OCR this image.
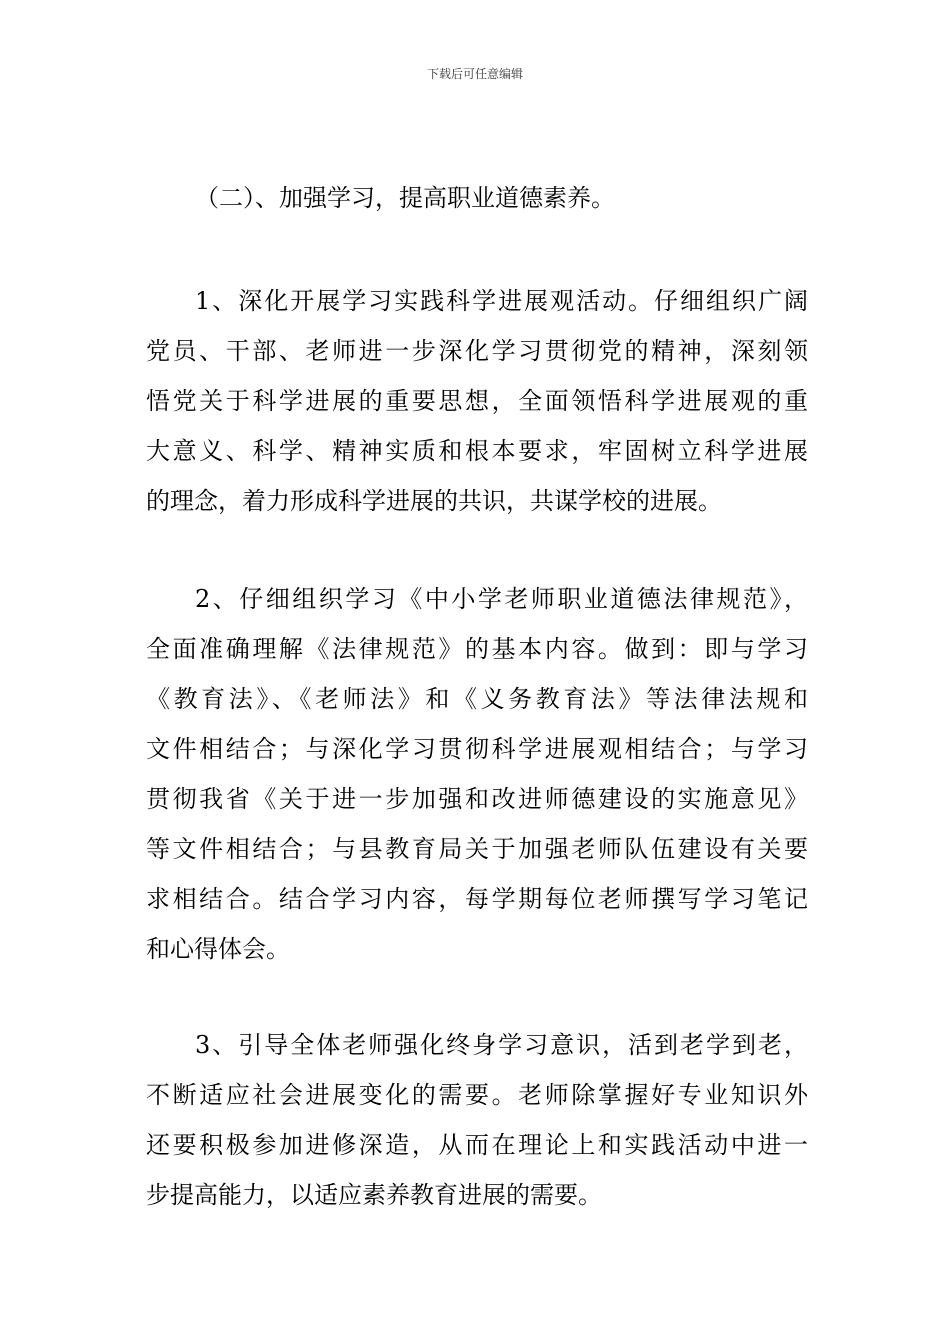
下载后可任意编辑
（二）、加强学习，提高职业道德素养。
1、深化开展学习实践科学进展观活动。仔细组织广阔
党员、干部、老师进一步深化学习贯彻党的精神，深刻领
悟党关于科学进展的重要思想，全面领悟科学进展观的重
大意义、科学、精神实质和根本要求，牢固树立科学进展
的理念，着力形成科学进展的共识，共谋学校的进展。
2、仔细组织学习《中小学老师职业道德法律规范》，
全面准确理解《法律规范》的基本内容。做到：即与学习
《教育法》、《老师法》和《义务教育法》等法律法规和
文件相结合；与深化学习贯彻科学进展观相结合；与学习
贯彻我省《关于进一步加强和改进师德建设的实施意见》
等文件相结合；与县教育局关于加强老师队伍建设有关要
求相结合。结合学习内容，每学期每位老师撰写学习笔记
和心得体会。
3、引导全体老师强化终身学习意识，活到老学到老，
不断适应社会进展变化的需要。老师除掌握好专业知识外
还要积极参加进修深造，从而在理论上和实践活动中进一
步提高能力，以适应素养教育进展的需要。
